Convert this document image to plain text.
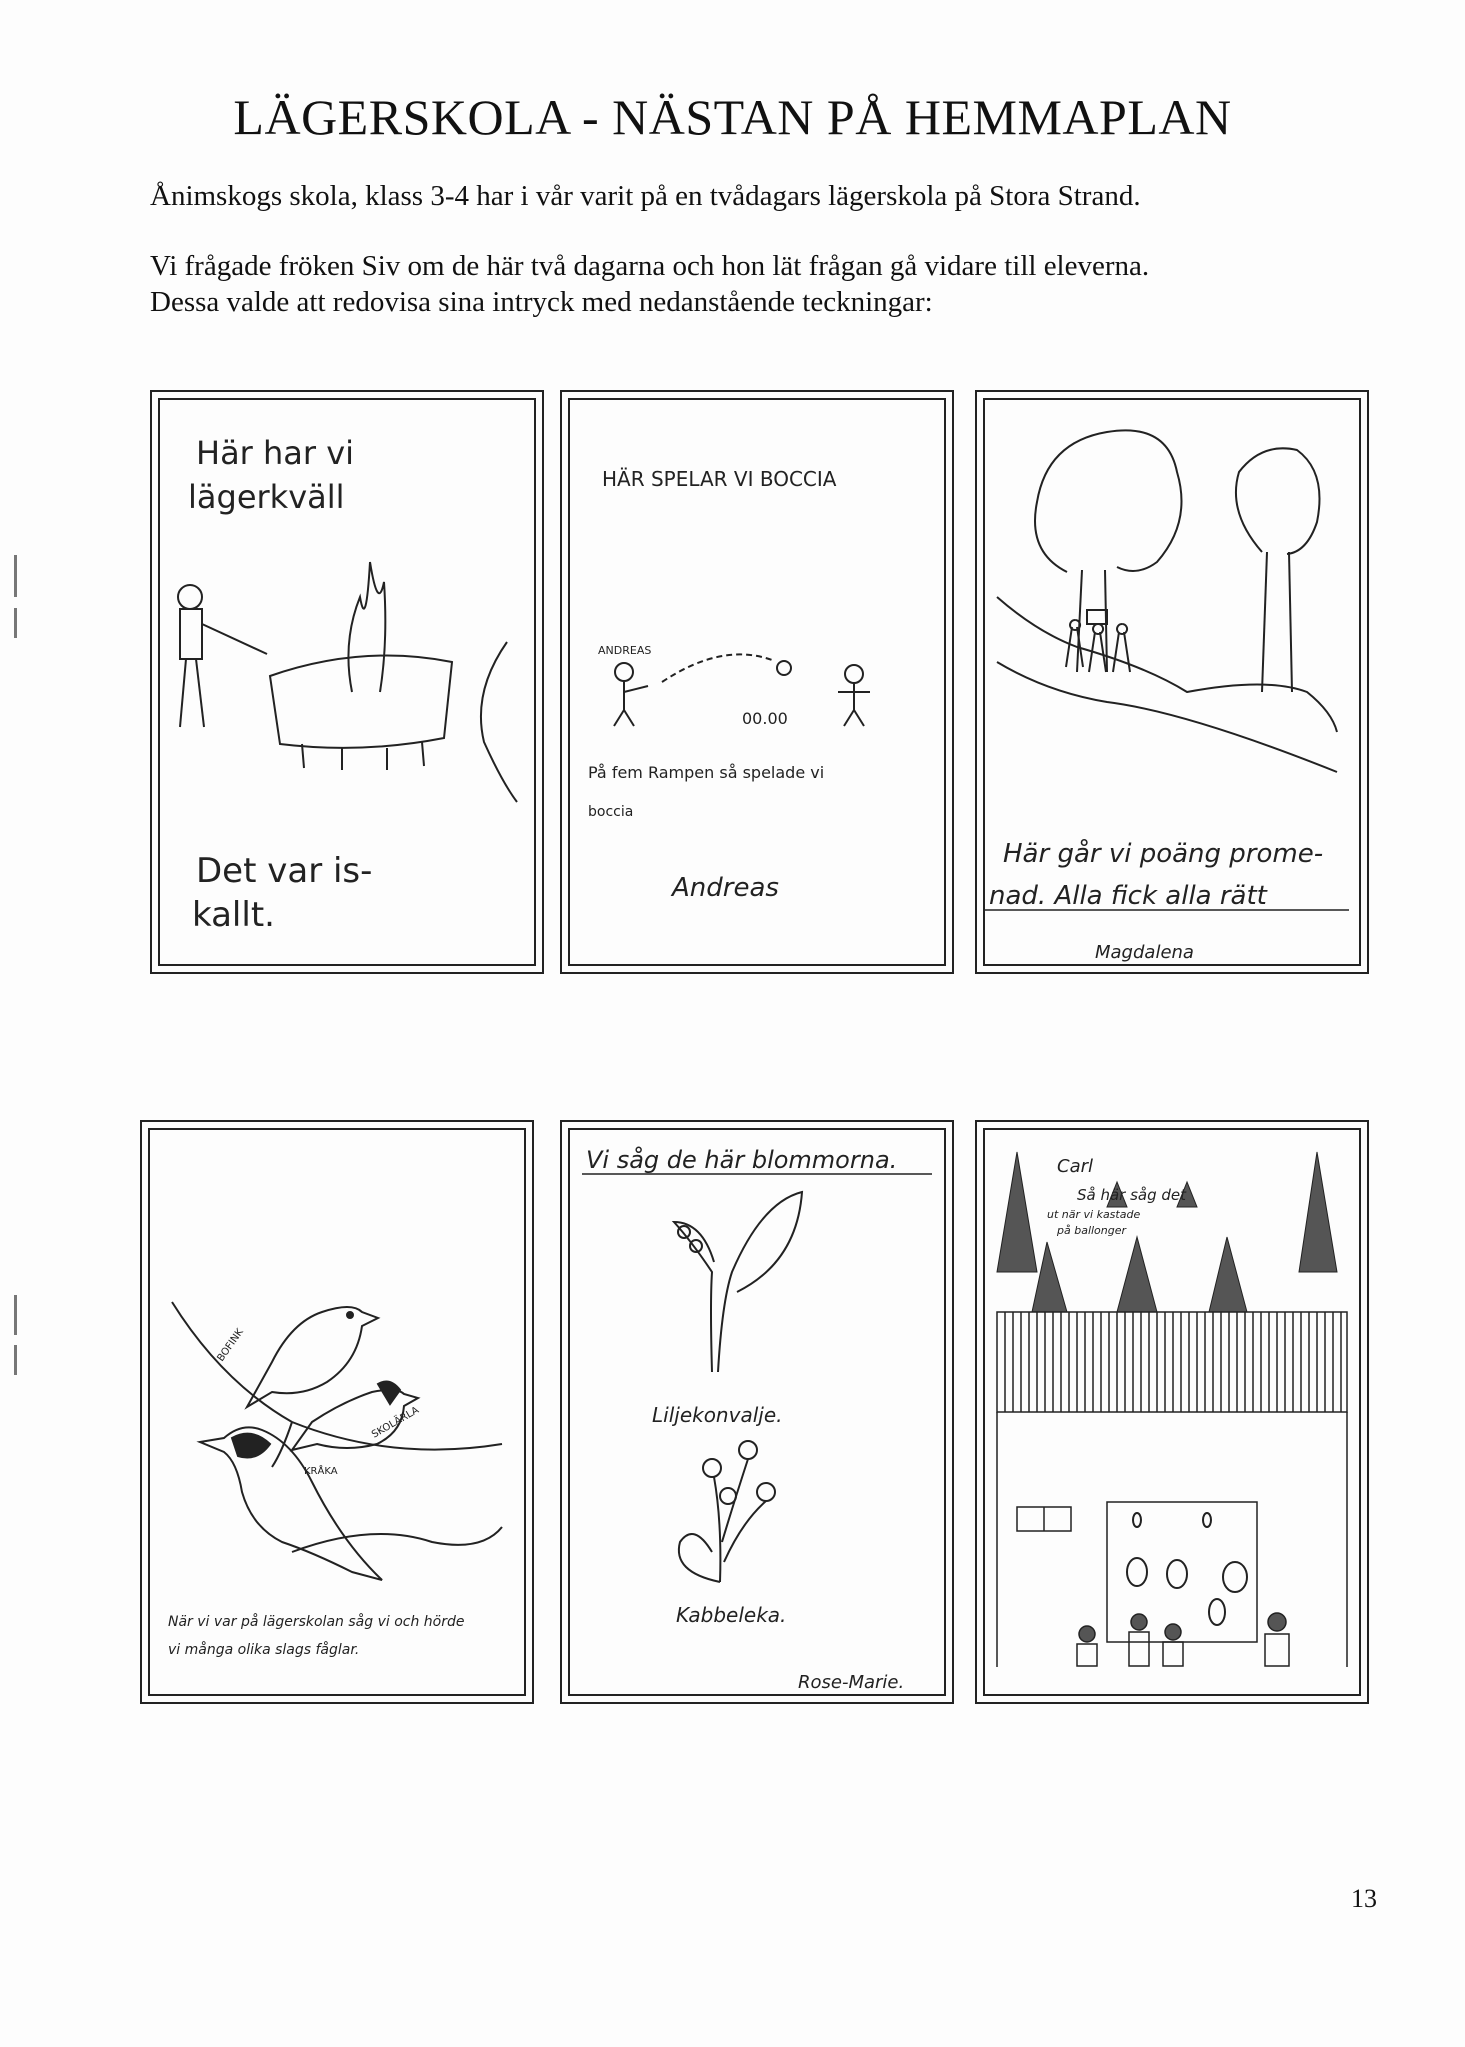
LÄGERSKOLA - NÄSTAN PÅ HEMMAPLAN
Ånimskogs skola, klass 3-4 har i vår varit på en tvådagars lägerskola på Stora Strand.
Vi frågade fröken Siv om de här två dagarna och hon lät frågan gå vidare till eleverna.
Dessa valde att redovisa sina intryck med nedanstående teckningar:
Här har vi
lägerkväll
Det var is-
kallt.
HÄR SPELAR VI BOCCIA
ANDREAS
00.00
På fem Rampen så spelade vi
boccia
Andreas
Här går vi poäng prome-
nad. Alla fick alla rätt
Magdalena
BOFINK
SKOLÄRLA
KRÅKA
När vi var på lägerskolan såg vi och hörde
vi många olika slags fåglar.
Vi såg de här blommorna.
Liljekonvalje.
Kabbeleka.
Rose-Marie.
Carl
Så här såg det
ut när vi kastade
på ballonger
13
